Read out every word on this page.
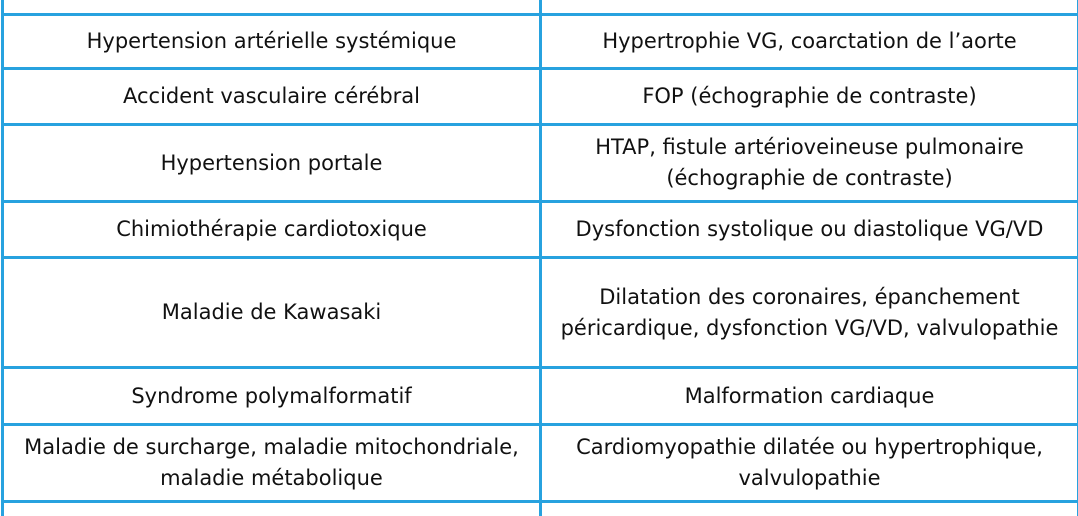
Hypertension artérielle systémique	Hypertrophie VG, coarctation de l’aorte
Accident vasculaire cérébral	FOP (échographie de contraste)
Hypertension portale	HTAP, fistule artérioveineuse pulmonaire (échographie de contraste)
Chimiothérapie cardiotoxique	Dysfonction systolique ou diastolique VG/VD
Maladie de Kawasaki	Dilatation des coronaires, épanchement péricardique, dysfonction VG/VD, valvulopathie
Syndrome polymalformatif	Malformation cardiaque
Maladie de surcharge, maladie mitochondriale, maladie métabolique	Cardiomyopathie dilatée ou hypertrophique, valvulopathie
